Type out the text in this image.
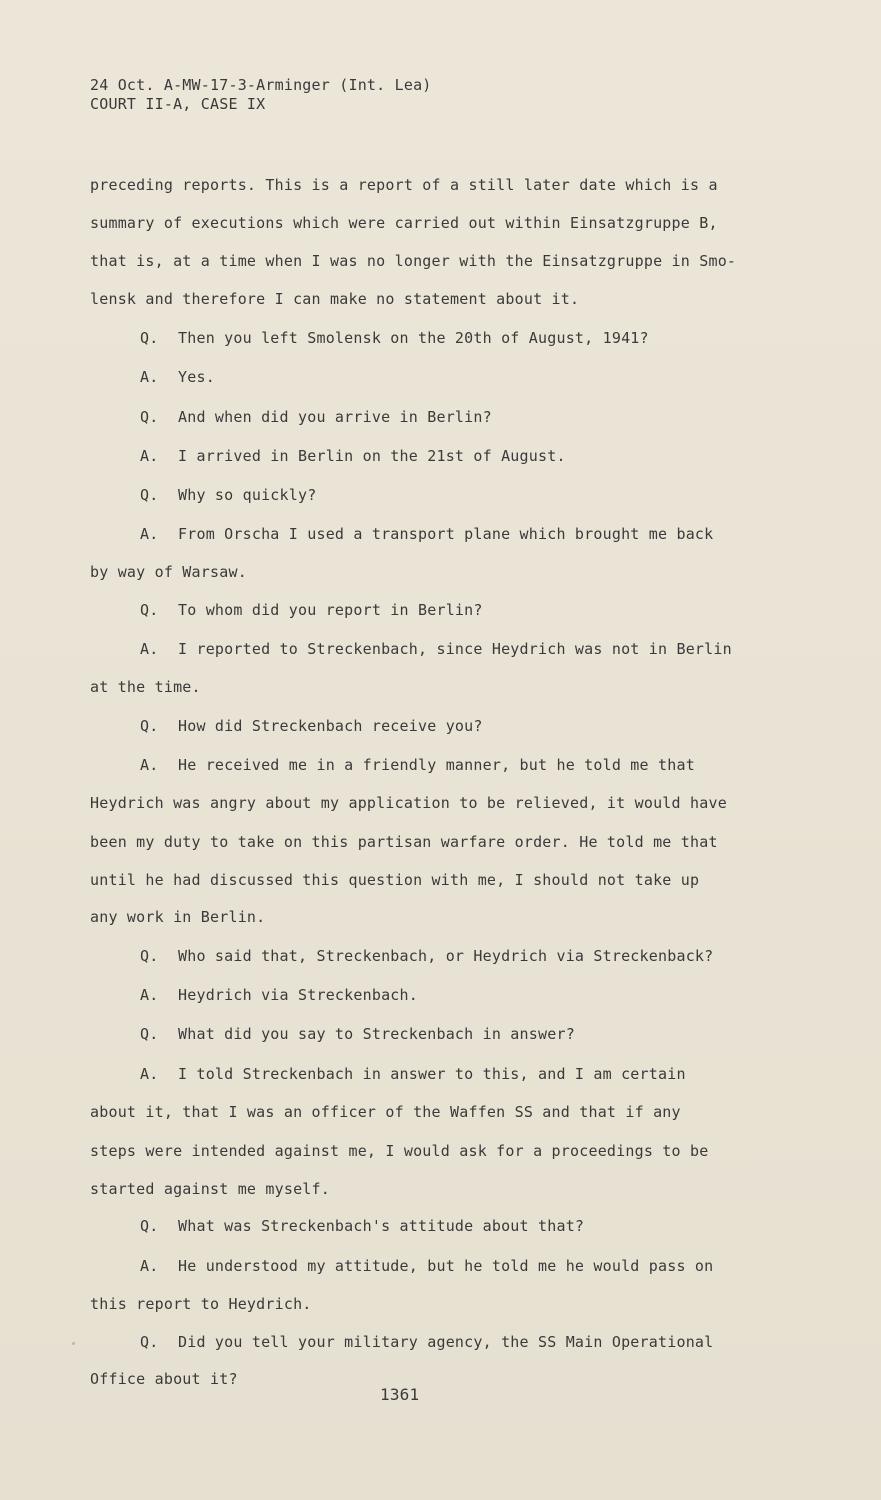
24 Oct. A-MW-17-3-Arminger (Int. Lea)
COURT II-A, CASE IX
preceding reports. This is a report of a still later date which is a
summary of executions which were carried out within Einsatzgruppe B,
that is, at a time when I was no longer with the Einsatzgruppe in Smo-
lensk and therefore I can make no statement about it.
Q. Then you left Smolensk on the 20th of August, 1941?
A. Yes.
Q. And when did you arrive in Berlin?
A. I arrived in Berlin on the 21st of August.
Q. Why so quickly?
A. From Orscha I used a transport plane which brought me back
by way of Warsaw.
Q. To whom did you report in Berlin?
A. I reported to Streckenbach, since Heydrich was not in Berlin
at the time.
Q. How did Streckenbach receive you?
A. He received me in a friendly manner, but he told me that
Heydrich was angry about my application to be relieved, it would have
been my duty to take on this partisan warfare order. He told me that
until he had discussed this question with me, I should not take up
any work in Berlin.
Q. Who said that, Streckenbach, or Heydrich via Streckenback?
A. Heydrich via Streckenbach.
Q. What did you say to Streckenbach in answer?
A. I told Streckenbach in answer to this, and I am certain
about it, that I was an officer of the Waffen SS and that if any
steps were intended against me, I would ask for a proceedings to be
started against me myself.
Q. What was Streckenbach's attitude about that?
A. He understood my attitude, but he told me he would pass on
this report to Heydrich.
Q. Did you tell your military agency, the SS Main Operational
Office about it?
1361
